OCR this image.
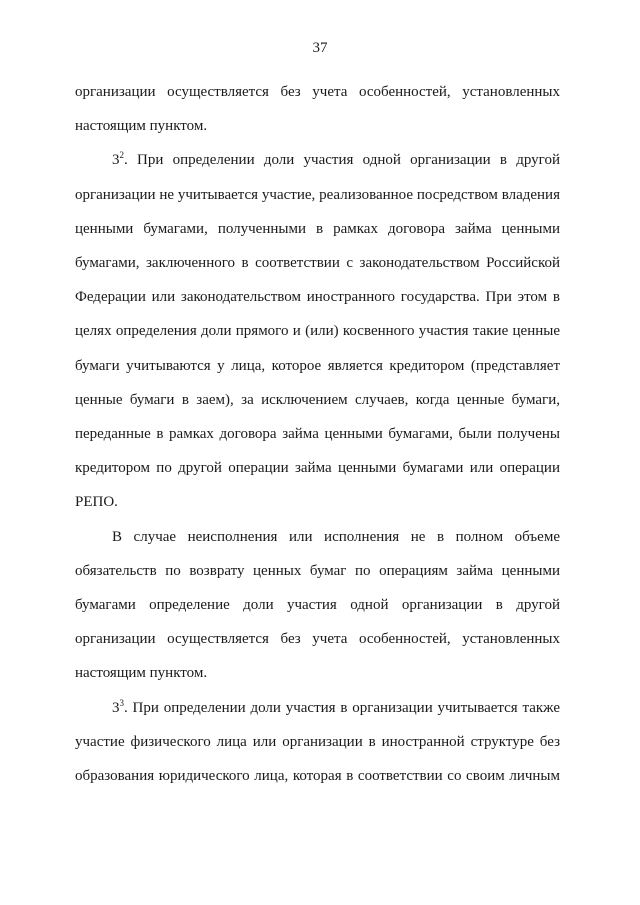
37

организации осуществляется без учета особенностей, установленных настоящим пунктом.

$3^2$. При определении доли участия одной организации в другой организации не учитывается участие, реализованное посредством владения ценными бумагами, полученными в рамках договора займа ценными бумагами, заключенного в соответствии с законодательством Российской Федерации или законодательством иностранного государства. При этом в целях определения доли прямого и (или) косвенного участия такие ценные бумаги учитываются у лица, которое является кредитором (представляет ценные бумаги в заем), за исключением случаев, когда ценные бумаги, переданные в рамках договора займа ценными бумагами, были получены кредитором по другой операции займа ценными бумагами или операции РЕПО.

В случае неисполнения или исполнения не в полном объеме обязательств по возврату ценных бумаг по операциям займа ценными бумагами определение доли участия одной организации в другой организации осуществляется без учета особенностей, установленных настоящим пунктом.

$3^3$. При определении доли участия в организации учитывается также участие физического лица или организации в иностранной структуре без образования юридического лица, которая в соответствии со своим личным
